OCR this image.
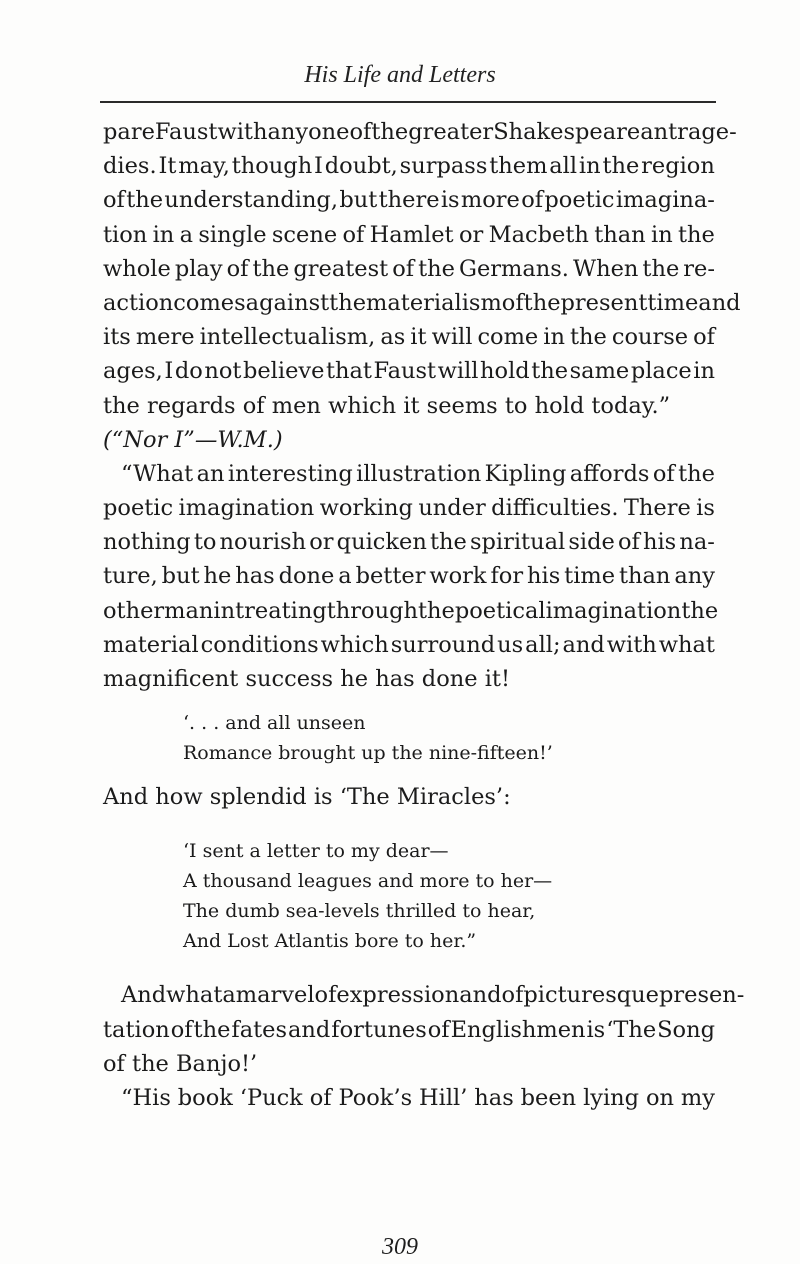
His Life and Letters
pare Faust with any one of the greater Shakespearean trage-
dies. It may, though I doubt, surpass them all in the region
of the understanding, but there is more of poetic imagina-
tion in a single scene of Hamlet or Macbeth than in the
whole play of the greatest of the Germans. When the re-
action comes against the materialism of the present time and
its mere intellectualism, as it will come in the course of
ages, I do not believe that Faust will hold the same place in
the regards of men which it seems to hold today.”
(“Nor I”—W.M.)
“What an interesting illustration Kipling affords of the
poetic imagination working under difficulties. There is
nothing to nourish or quicken the spiritual side of his na-
ture, but he has done a better work for his time than any
other man in treating through the poetical imagination the
material conditions which surround us all; and with what
magnificent success he has done it!
‘. . . and all unseen
Romance brought up the nine-fifteen!’
And how splendid is ‘The Miracles’:
‘I sent a letter to my dear—
A thousand leagues and more to her—
The dumb sea-levels thrilled to hear,
And Lost Atlantis bore to her.”
And what a marvel of expression and of picturesque presen-
tation of the fates and fortunes of Englishmen is ‘The Song
of the Banjo!’
“His book ‘Puck of Pook’s Hill’ has been lying on my
309
